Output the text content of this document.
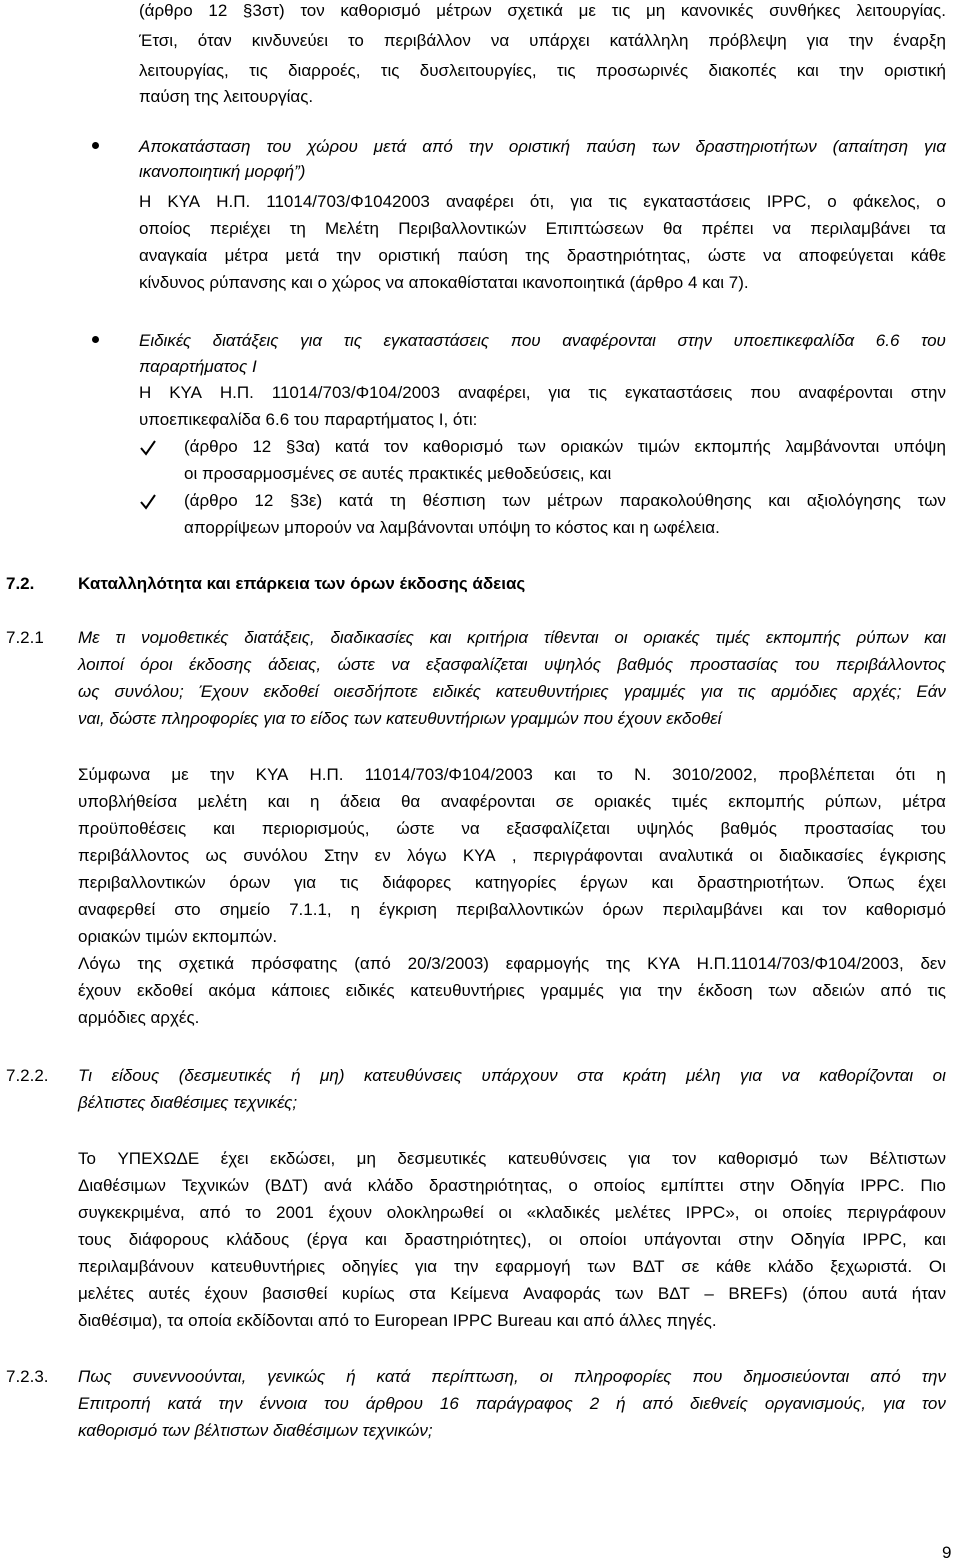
(άρθρο 12 §3στ) τον καθορισμό μέτρων σχετικά με τις μη κανονικές συνθήκες λειτουργίας.
Έτσι, όταν κινδυνεύει το περιβάλλον να υπάρχει κατάλληλη πρόβλεψη για την έναρξη
λειτουργίας, τις διαρροές, τις δυσλειτουργίες, τις προσωρινές διακοπές και την οριστική
παύση της λειτουργίας.
Αποκατάσταση του χώρου μετά από την οριστική παύση των δραστηριοτήτων (απαίτηση για
ικανοποιητική μορφή”)
Η ΚΥΑ Η.Π. 11014/703/Φ1042003 αναφέρει ότι, για τις εγκαταστάσεις IPPC, ο φάκελος, ο
οποίος περιέχει τη Μελέτη Περιβαλλοντικών Επιπτώσεων θα πρέπει να περιλαμβάνει τα
αναγκαία μέτρα μετά την οριστική παύση της δραστηριότητας, ώστε να αποφεύγεται κάθε
κίνδυνος ρύπανσης και ο χώρος να αποκαθίσταται ικανοποιητικά (άρθρο 4 και 7).
Ειδικές διατάξεις για τις εγκαταστάσεις που αναφέρονται στην υποεπικεφαλίδα 6.6 του
παραρτήματος Ι
Η ΚΥΑ Η.Π. 11014/703/Φ104/2003 αναφέρει, για τις εγκαταστάσεις που αναφέρονται στην
υποεπικεφαλίδα 6.6 του παραρτήματος Ι, ότι:
(άρθρο 12 §3α) κατά τον καθορισμό των οριακών τιμών εκπομπής λαμβάνονται υπόψη
οι προσαρμοσμένες σε αυτές πρακτικές μεθοδεύσεις, και
(άρθρο 12 §3ε) κατά τη θέσπιση των μέτρων παρακολούθησης και αξιολόγησης των
απορρίψεων μπορούν να λαμβάνονται υπόψη το κόστος και η ωφέλεια.
7.2.	Καταλληλότητα και επάρκεια των όρων έκδοσης άδειας
7.2.1 Με τι νομοθετικές διατάξεις, διαδικασίες και κριτήρια τίθενται οι οριακές τιμές εκπομπής ρύπων και
λοιποί όροι έκδοσης άδειας, ώστε να εξασφαλίζεται υψηλός βαθμός προστασίας του περιβάλλοντος
ως συνόλου; Έχουν εκδοθεί οιεσδήποτε ειδικές κατευθυντήριες γραμμές για τις αρμόδιες αρχές; Εάν
ναι, δώστε πληροφορίες για το είδος των κατευθυντήριων γραμμών που έχουν εκδοθεί
Σύμφωνα με την ΚΥΑ Η.Π. 11014/703/Φ104/2003 και το Ν. 3010/2002, προβλέπεται ότι η
υποβλήθείσα μελέτη και η άδεια θα αναφέρονται σε οριακές τιμές εκπομπής ρύπων, μέτρα
προϋποθέσεις και περιορισμούς, ώστε να εξασφαλίζεται υψηλός βαθμός προστασίας του
περιβάλλοντος ως συνόλου Στην εν λόγω ΚΥΑ , περιγράφονται αναλυτικά οι διαδικασίες έγκρισης
περιβαλλοντικών όρων για τις διάφορες κατηγορίες έργων και δραστηριοτήτων. Όπως έχει
αναφερθεί στο σημείο 7.1.1, η έγκριση περιβαλλοντικών όρων περιλαμβάνει και τον καθορισμό
οριακών τιμών εκπομπών.
Λόγω της σχετικά πρόσφατης (από 20/3/2003) εφαρμογής της ΚΥΑ Η.Π.11014/703/Φ104/2003, δεν
έχουν εκδοθεί ακόμα κάποιες ειδικές κατευθυντήριες γραμμές για την έκδοση των αδειών από τις
αρμόδιες αρχές.
7.2.2. Τι είδους (δεσμευτικές ή μη) κατευθύνσεις υπάρχουν στα κράτη μέλη για να καθορίζονται οι
βέλτιστες διαθέσιμες τεχνικές;
Το ΥΠΕΧΩΔΕ έχει εκδώσει, μη δεσμευτικές κατευθύνσεις για τον καθορισμό των Βέλτιστων
Διαθέσιμων Τεχνικών (ΒΔΤ) ανά κλάδο δραστηριότητας, ο οποίος εμπίπτει στην Οδηγία IPPC. Πιο
συγκεκριμένα, από το 2001 έχουν ολοκληρωθεί οι «κλαδικές μελέτες IPPC», οι οποίες περιγράφουν
τους διάφορους κλάδους (έργα και δραστηριότητες), οι οποίοι υπάγονται στην Οδηγία IPPC, και
περιλαμβάνουν κατευθυντήριες οδηγίες για την εφαρμογή των ΒΔΤ σε κάθε κλάδο ξεχωριστά. Οι
μελέτες αυτές έχουν βασισθεί κυρίως στα Κείμενα Αναφοράς των ΒΔΤ – BREFs) (όπου αυτά ήταν
διαθέσιμα), τα οποία εκδίδονται από το European IPPC Bureau και από άλλες πηγές.
7.2.3. Πως συνεννοούνται, γενικώς ή κατά περίπτωση, οι πληροφορίες που δημοσιεύονται από την
Επιτροπή κατά την έννοια του άρθρου 16 παράγραφος 2 ή από διεθνείς οργανισμούς, για τον
καθορισμό των βέλτιστων διαθέσιμων τεχνικών;
9
